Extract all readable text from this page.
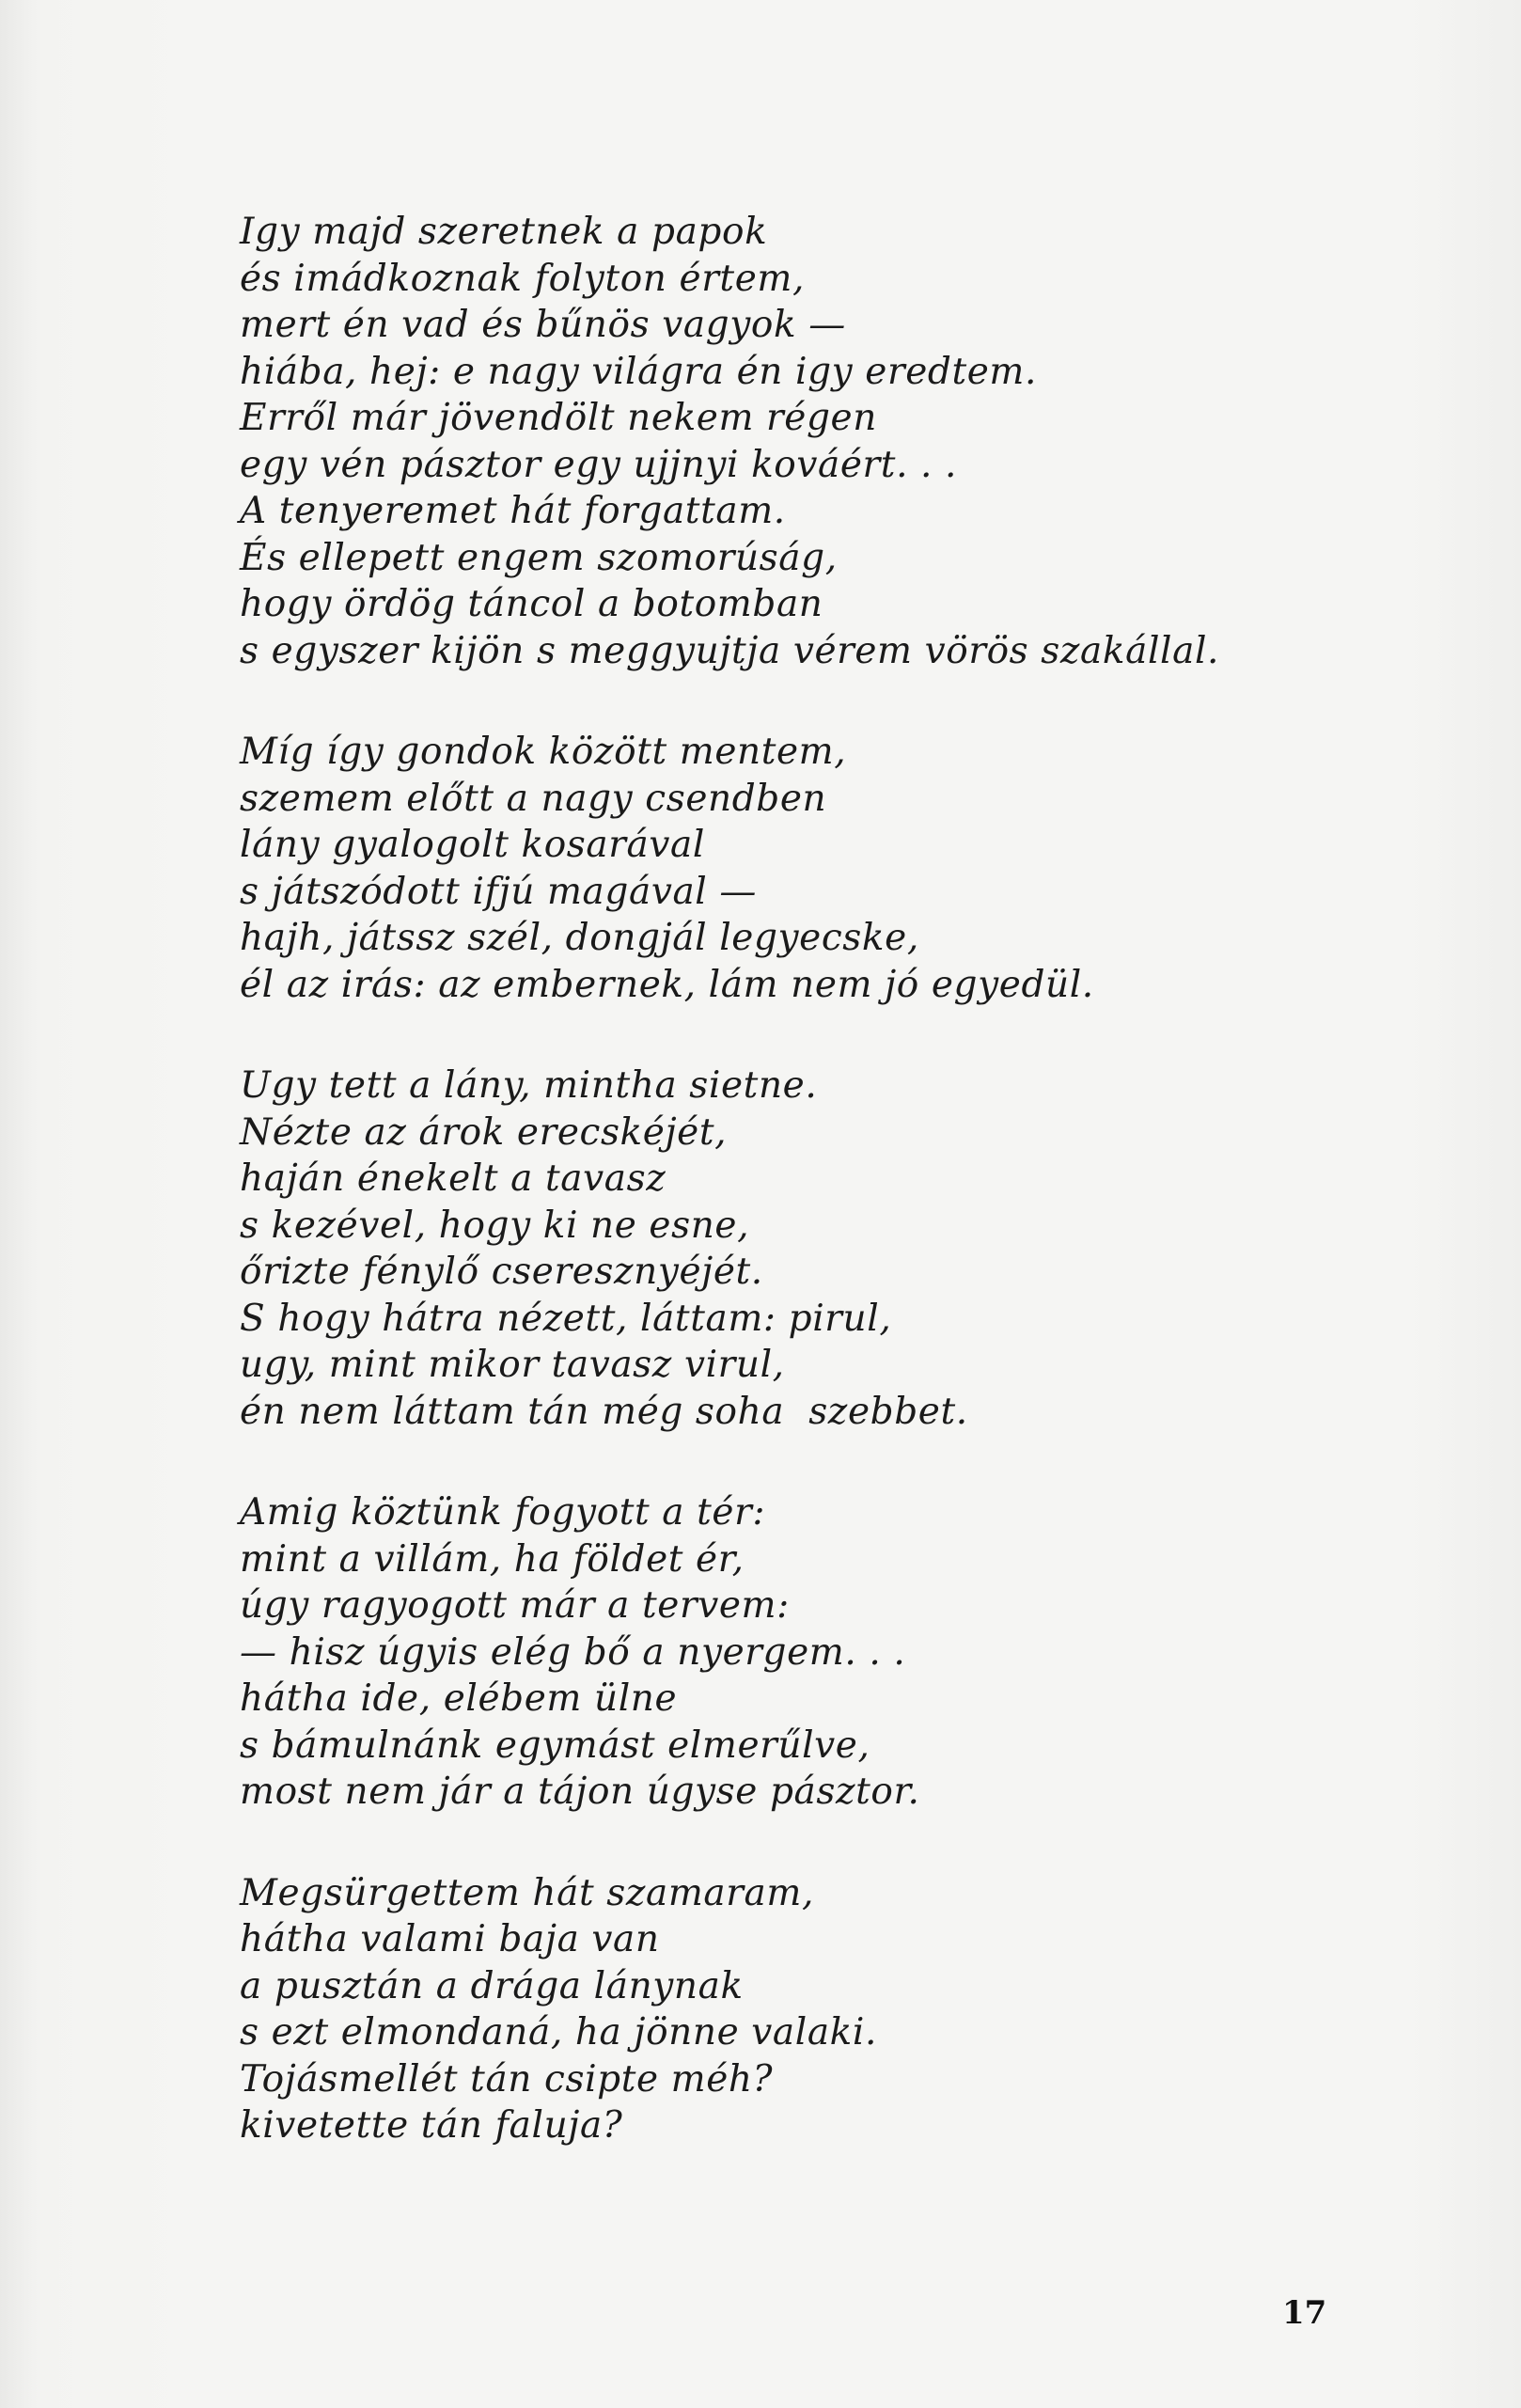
Igy majd szeretnek a papok
és imádkoznak folyton értem,
mert én vad és bűnös vagyok —
hiába, hej: e nagy világra én igy eredtem.
Erről már jövendölt nekem régen
egy vén pásztor egy ujjnyi kováért. . .
A tenyeremet hát forgattam.
És ellepett engem szomorúság,
hogy ördög táncol a botomban
s egyszer kijön s meggyujtja vérem vörös szakállal.
Míg így gondok között mentem,
szemem előtt a nagy csendben
lány gyalogolt kosarával
s játszódott ifjú magával —
hajh, játssz szél, dongjál legyecske,
él az irás: az embernek, lám nem jó egyedül.
Ugy tett a lány, mintha sietne.
Nézte az árok erecskéjét,
haján énekelt a tavasz
s kezével, hogy ki ne esne,
őrizte fénylő cseresznyéjét.
S hogy hátra nézett, láttam: pirul,
ugy, mint mikor tavasz virul,
én nem láttam tán még soha  szebbet.
Amig köztünk fogyott a tér:
mint a villám, ha földet ér,
úgy ragyogott már a tervem:
— hisz úgyis elég bő a nyergem. . .
hátha ide, elébem ülne
s bámulnánk egymást elmerűlve,
most nem jár a tájon úgyse pásztor.
Megsürgettem hát szamaram,
hátha valami baja van
a pusztán a drága lánynak
s ezt elmondaná, ha jönne valaki.
Tojásmellét tán csipte méh?
kivetette tán faluja?
17
